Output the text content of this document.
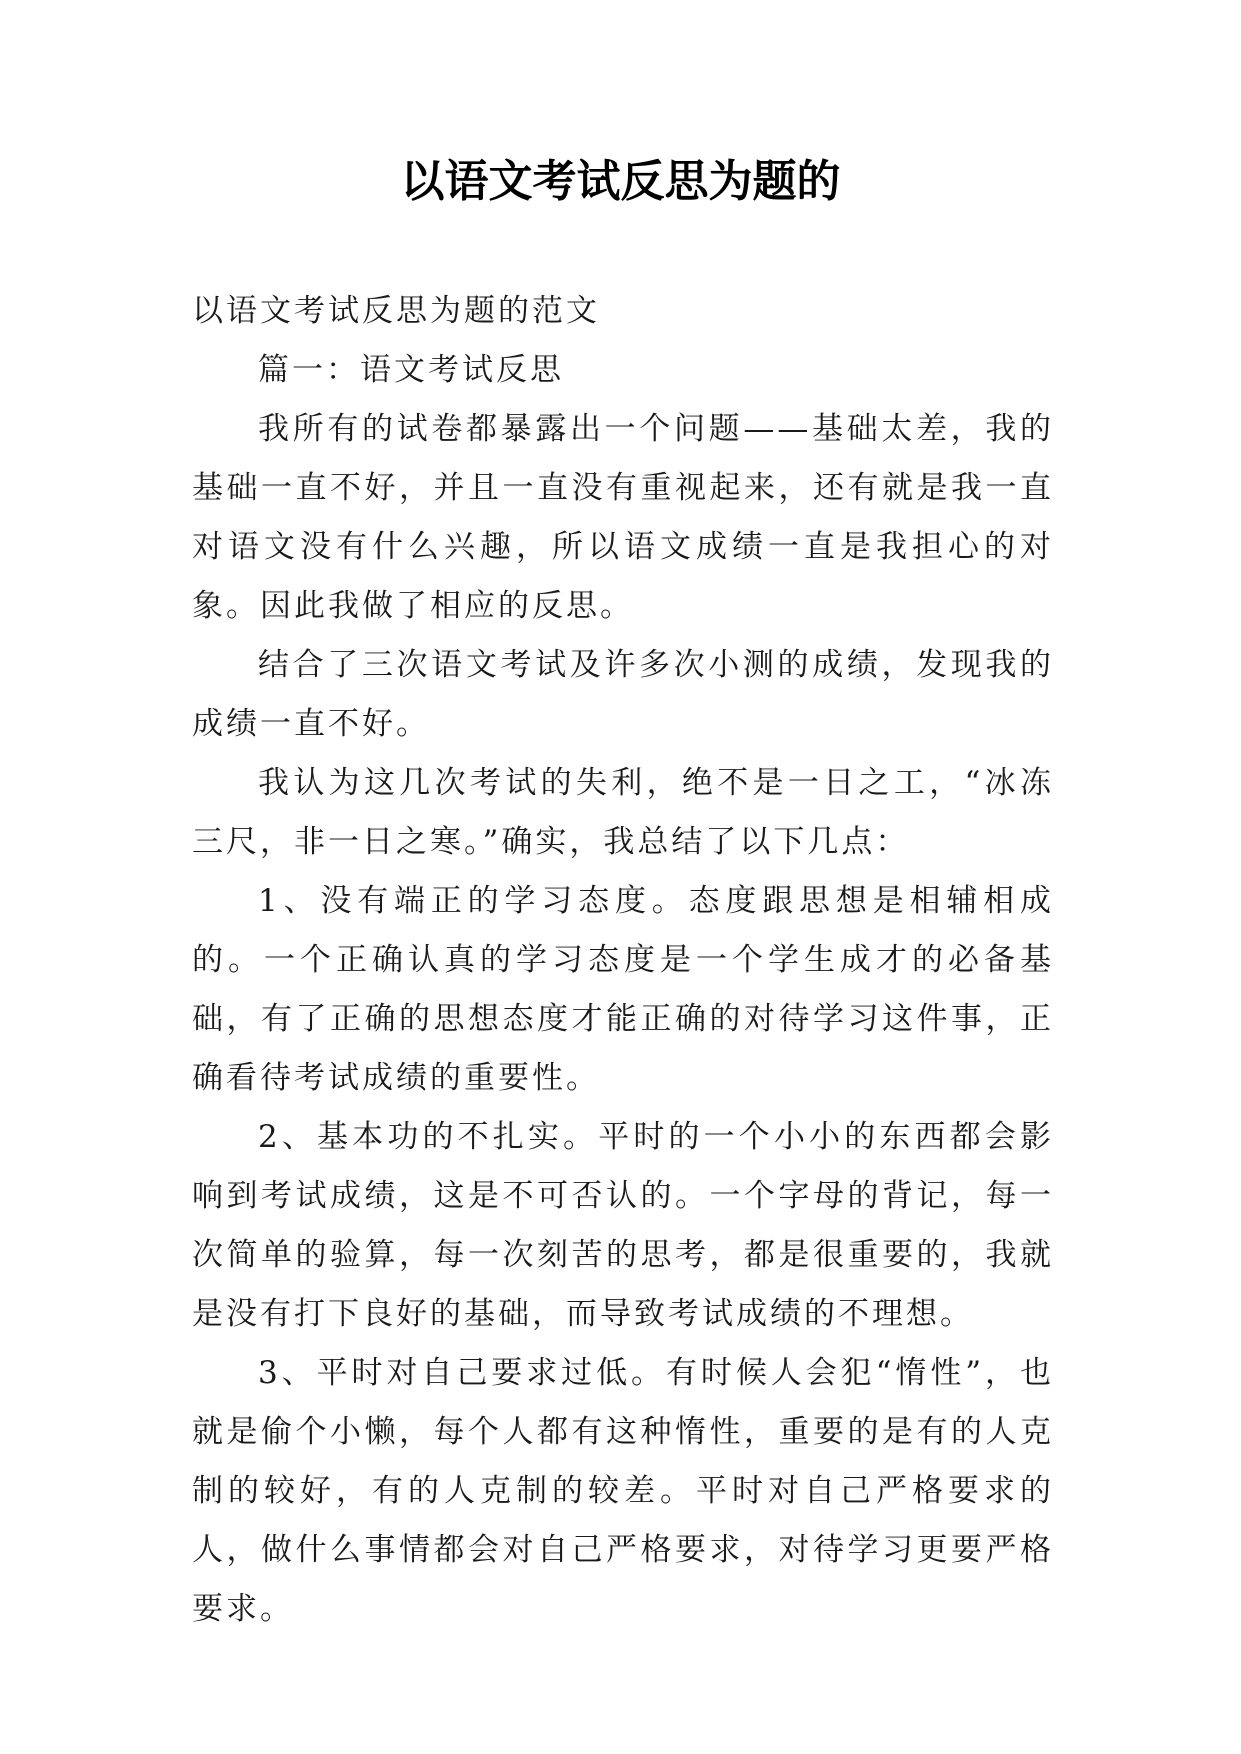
以语文考试反思为题的

以语文考试反思为题的范文

篇一：语文考试反思

我所有的试卷都暴露出一个问题——基础太差，我的基础一直不好，并且一直没有重视起来，还有就是我一直对语文没有什么兴趣，所以语文成绩一直是我担心的对象。因此我做了相应的反思。

结合了三次语文考试及许多次小测的成绩，发现我的成绩一直不好。

我认为这几次考试的失利，绝不是一日之工，“冰冻三尺，非一日之寒。”确实，我总结了以下几点：

1、没有端正的学习态度。态度跟思想是相辅相成的。一个正确认真的学习态度是一个学生成才的必备基础，有了正确的思想态度才能正确的对待学习这件事，正确看待考试成绩的重要性。

2、基本功的不扎实。平时的一个小小的东西都会影响到考试成绩，这是不可否认的。一个字母的背记，每一次简单的验算，每一次刻苦的思考，都是很重要的，我就是没有打下良好的基础，而导致考试成绩的不理想。

3、平时对自己要求过低。有时候人会犯“惰性”，也就是偷个小懒，每个人都有这种惰性，重要的是有的人克制的较好，有的人克制的较差。平时对自己严格要求的人，做什么事情都会对自己严格要求，对待学习更要严格要求。
